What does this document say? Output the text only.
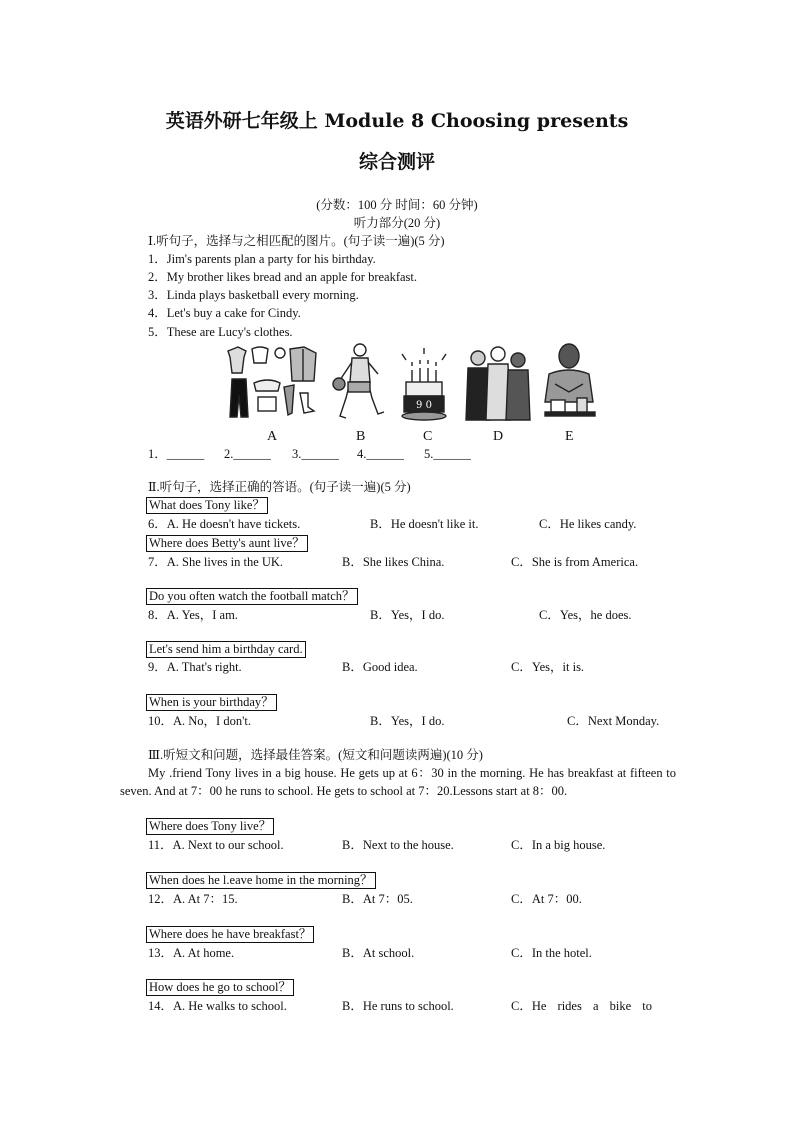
英语外研七年级上 Module 8 Choosing presents
综合测评
(分数：100 分 时间：60 分钟)
听力部分(20 分)
Ⅰ.听句子，选择与之相匹配的图片。(句子读一遍)(5 分)
1．Jim's parents plan a party for his birthday.
2．My brother likes bread and an apple for breakfast.
3．Linda plays basketball every morning.
4．Let's buy a cake for Cindy.
5．These are Lucy's clothes.
9 0
A	B	C	D	E
1．______ 2.______ 3.______ 4.______ 5.______
Ⅱ.听句子，选择正确的答语。(句子读一遍)(5 分)
What does Tony like？
6．A. He doesn't have tickets.	B．He doesn't like it.	C．He likes candy.
Where does Betty's aunt live？
7．A. She lives in the UK.	B．She likes China.	C．She is from America.
Do you often watch the football match？
8．A. Yes，I am.	B．Yes，I do.	C．Yes，he does.
Let's send him a birthday card.
9．A. That's right.	B．Good idea.	C．Yes，it is.
When is your birthday？
10．A. No，I don't.	B．Yes，I do.	C．Next Monday.
Ⅲ.听短文和问题，选择最佳答案。(短文和问题读两遍)(10 分)
My .friend Tony lives in a big house. He gets up at 6：30 in the morning. He has breakfast at fifteen to seven. And at 7：00 he runs to school. He gets to school at 7：20.Lessons start at 8：00.
Where does Tony live？
11．A. Next to our school.	B．Next to the house.	C．In a big house.
When does he l.eave home in the morning？
12．A. At 7：15.	B．At 7：05.	C．At 7：00.
Where does he have breakfast？
13．A. At home.	B．At school.	C．In the hotel.
How does he go to school？
14．A. He walks to school.	B．He runs to school.	C．He rides a bike to
